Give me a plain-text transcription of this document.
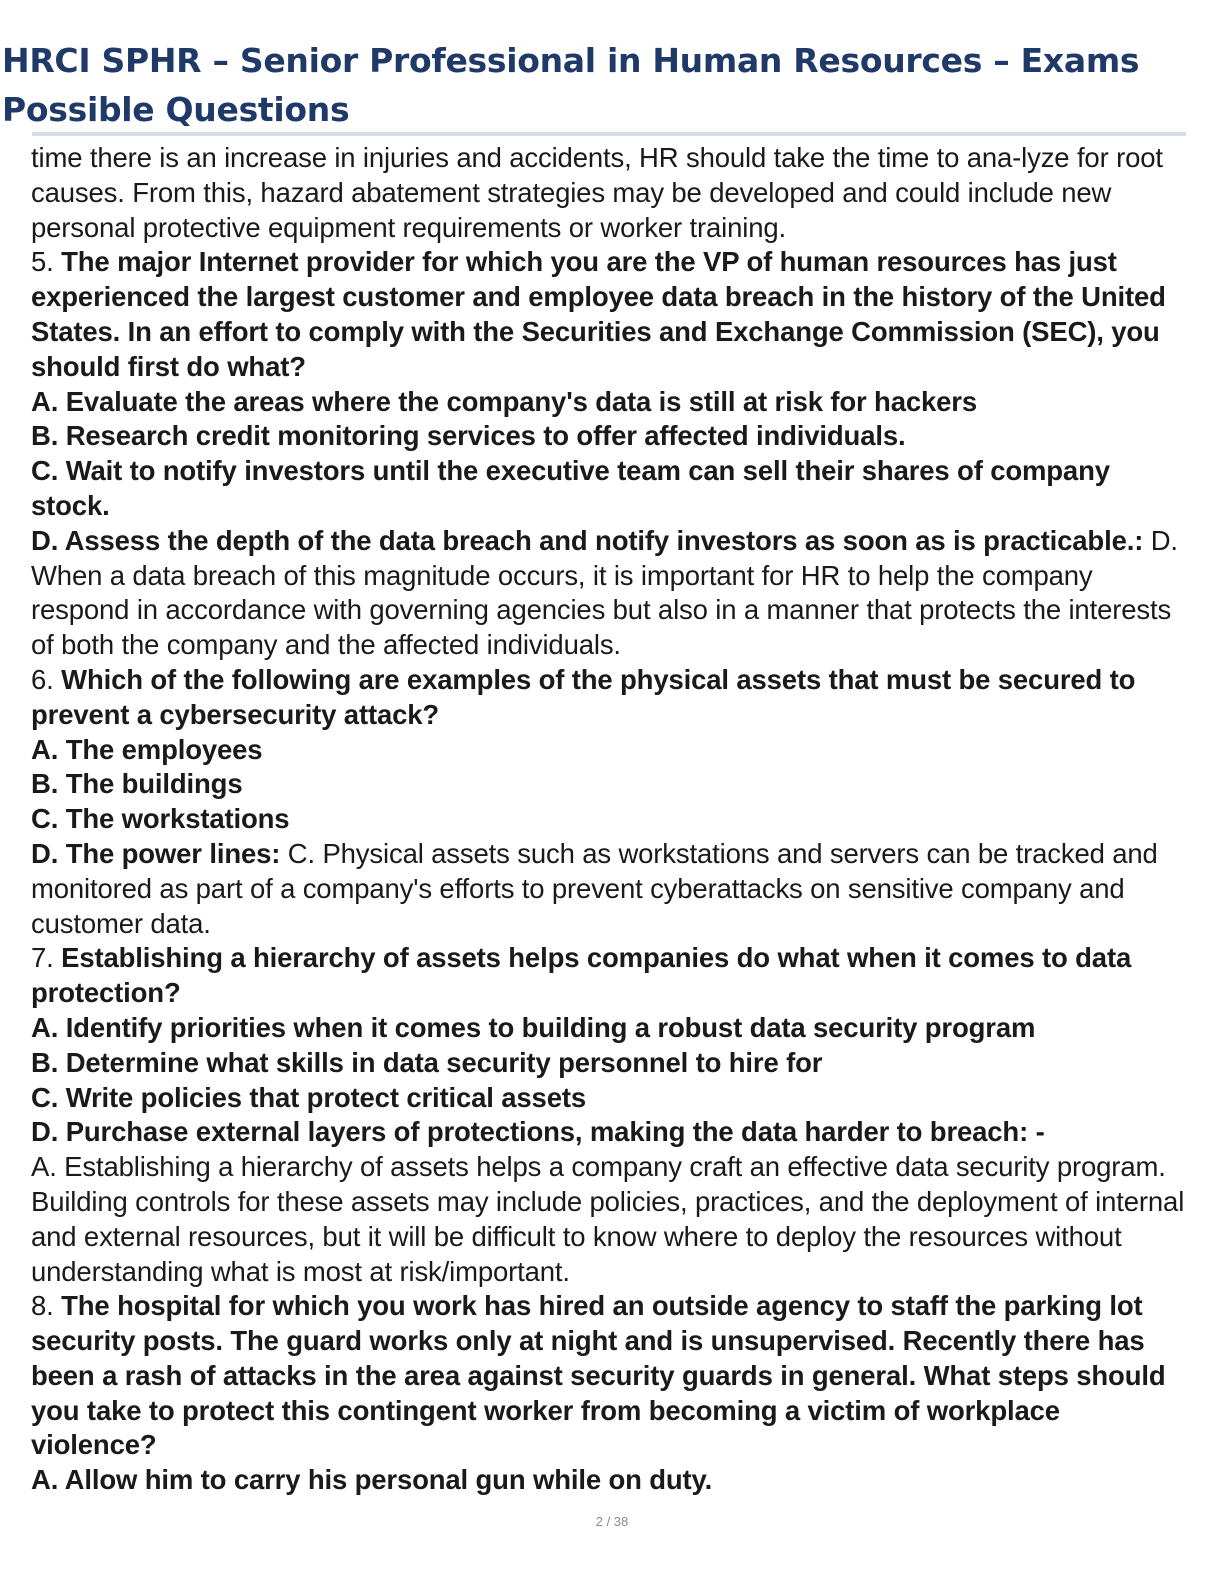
HRCI SPHR – Senior Professional in Human Resources – Exams
Possible Questions

time there is an increase in injuries and accidents, HR should take the time to ana-lyze for root causes. From this, hazard abatement strategies may be developed and could include new personal protective equipment requirements or worker training.

5. The major Internet provider for which you are the VP of human resources has just experienced the largest customer and employee data breach in the history of the United States. In an effort to comply with the Securities and Exchange Commission (SEC), you should first do what?

A. Evaluate the areas where the company's data is still at risk for hackers

B. Research credit monitoring services to offer affected individuals.

C. Wait to notify investors until the executive team can sell their shares of company stock.

D. Assess the depth of the data breach and notify investors as soon as is practicable.: D. When a data breach of this magnitude occurs, it is important for HR to help the company respond in accordance with governing agencies but also in a manner that protects the interests of both the company and the affected individuals.

6. Which of the following are examples of the physical assets that must be secured to prevent a cybersecurity attack?

A. The employees

B. The buildings

C. The workstations

D. The power lines: C. Physical assets such as workstations and servers can be tracked and monitored as part of a company's efforts to prevent cyberattacks on sensitive company and customer data.

7. Establishing a hierarchy of assets helps companies do what when it comes to data protection?

A. Identify priorities when it comes to building a robust data security program

B. Determine what skills in data security personnel to hire for

C. Write policies that protect critical assets

D. Purchase external layers of protections, making the data harder to breach: -

A. Establishing a hierarchy of assets helps a company craft an effective data security program. Building controls for these assets may include policies, practices, and the deployment of internal and external resources, but it will be difficult to know where to deploy the resources without understanding what is most at risk/important.

8. The hospital for which you work has hired an outside agency to staff the parking lot security posts. The guard works only at night and is unsupervised. Recently there has been a rash of attacks in the area against security guards in general. What steps should you take to protect this contingent worker from becoming a victim of workplace violence?

A. Allow him to carry his personal gun while on duty.

2 / 38
